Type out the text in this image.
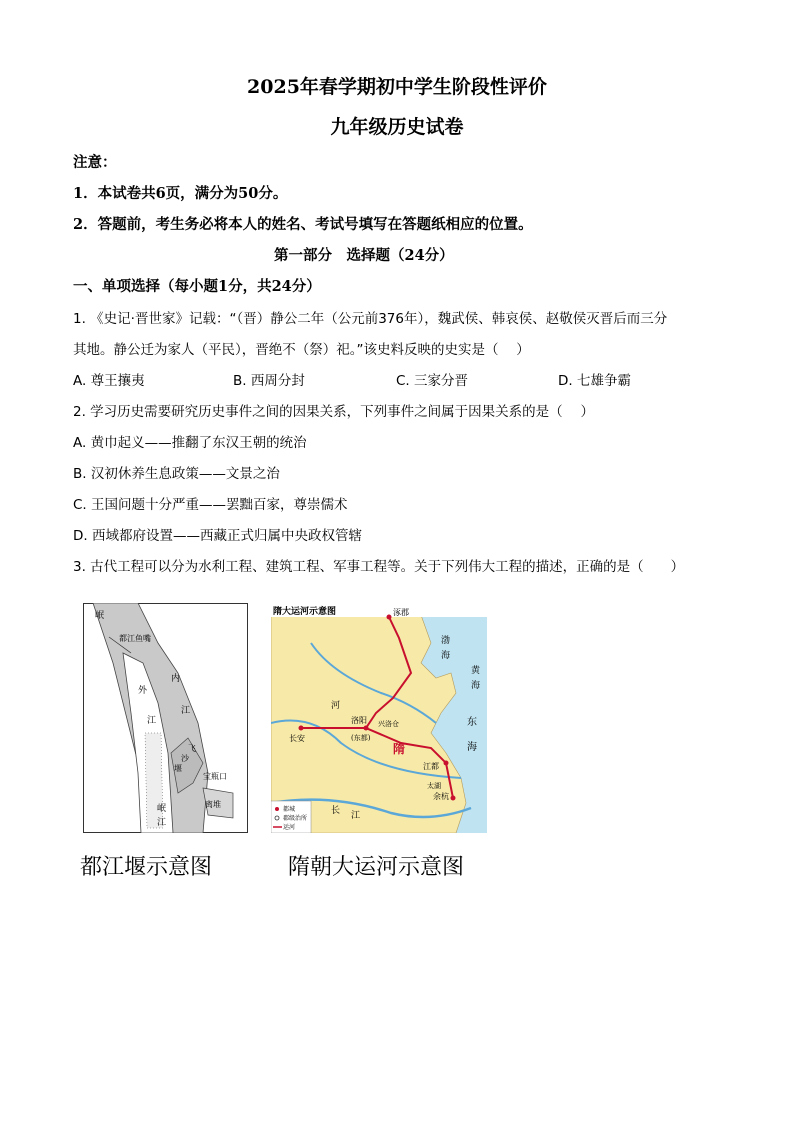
2025年春学期初中学生阶段性评价
九年级历史试卷
注意：
1．本试卷共6页，满分为50分。
2．答题前，考生务必将本人的姓名、考试号填写在答题纸相应的位置。
第一部分　选择题（24分）
一、单项选择（每小题1分，共24分）
1. 《史记·晋世家》记载：“（晋）静公二年（公元前376年），魏武侯、韩哀侯、赵敬侯灭晋后而三分
其地。静公迁为家人（平民），晋绝不（祭）祀。”该史料反映的史实是（　 ）
A. 尊王攘夷	B. 西周分封	C. 三家分晋	D. 七雄争霸
2. 学习历史需要研究历史事件之间的因果关系，下列事件之间属于因果关系的是（　 ）
A. 黄巾起义——推翻了东汉王朝的统治
B. 汉初休养生息政策——文景之治
C. 王国问题十分严重——罢黜百家，尊崇儒术
D. 西域都府设置——西藏正式归属中央政权管辖
3. 古代工程可以分为水利工程、建筑工程、军事工程等。关于下列伟大工程的描述，正确的是（　　）
岷
都江鱼嘴
外
江
内
江
飞
沙
堰
宝瓶口
离堆
岷
江
都江堰示意图
隋大运河示意图	涿郡
渤
海
黄
海
东
海
河
长安
洛阳
(东都)
兴洛仓
隋
江都
太湖
余杭
长 江
都城
郡级治所
运河
隋朝大运河示意图
